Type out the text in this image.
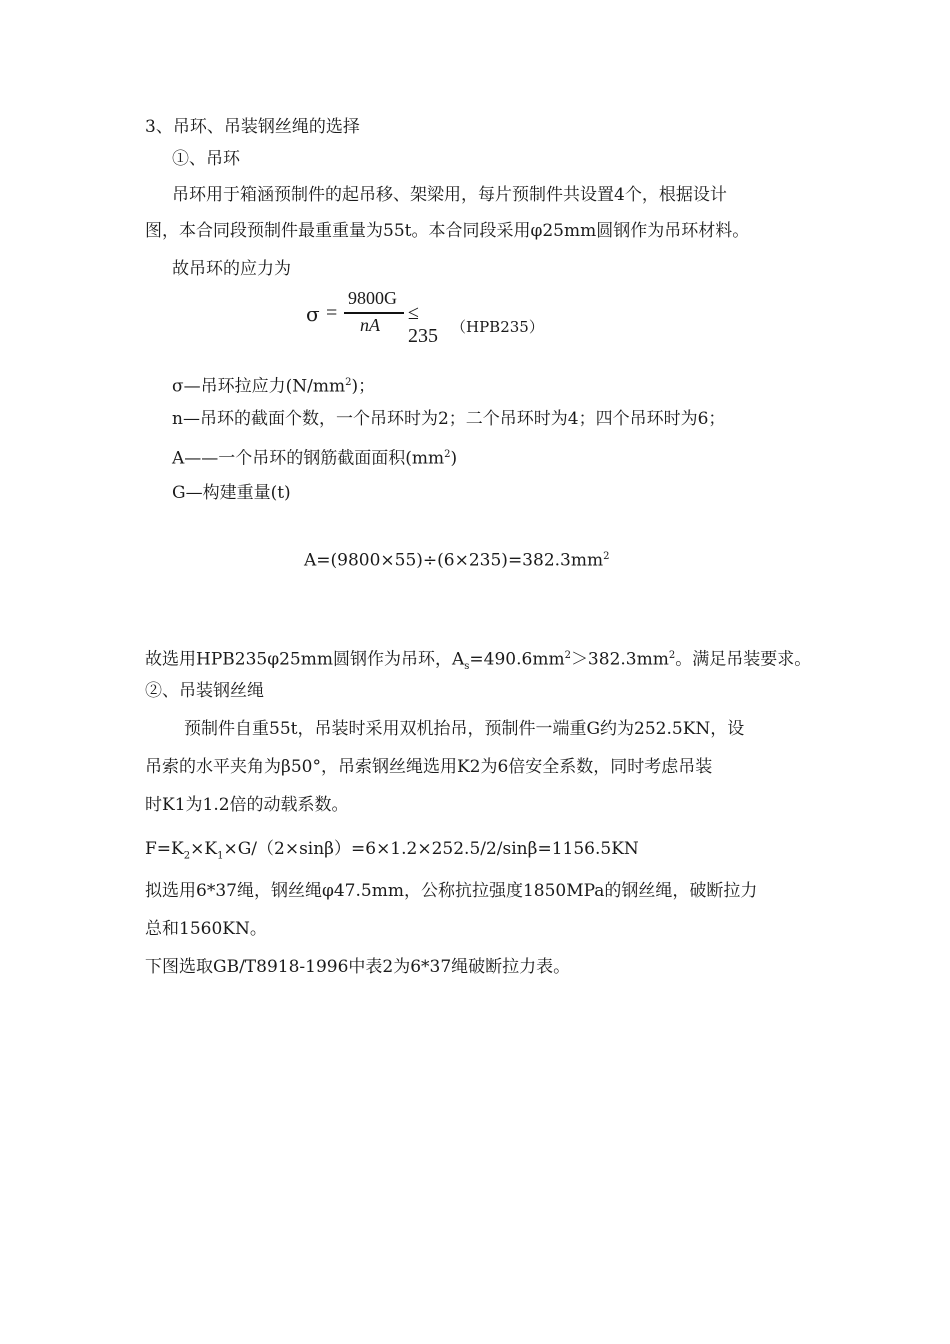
3、吊环、吊装钢丝绳的选择
①、吊环
吊环用于箱涵预制件的起吊移、架梁用，每片预制件共设置4个，根据设计
图，本合同段预制件最重重量为55t。本合同段采用φ25mm圆钢作为吊环材料。
故吊环的应力为
σ =
9800G
nA
≤ 235 （HPB235）
σ—吊环拉应力$(N/mm^2)$；
n—吊环的截面个数，一个吊环时为2；二个吊环时为4；四个吊环时为6；
A——一个吊环的钢筋截面面积$(mm^2)$
G—构建重量(t)
$A=(9800\times 55)\div(6\times 235)=382.3mm^2$
故选用HPB235φ25mm圆钢作为吊环，$A_s=490.6mm^2>382.3mm^2$。满足吊装要求。
②、吊装钢丝绳
预制件自重55t，吊装时采用双机抬吊，预制件一端重G约为252.5KN，设
吊索的水平夹角为β50°，吊索钢丝绳选用K2为6倍安全系数，同时考虑吊装
时K1为1.2倍的动载系数。
$F=K_2\times K_1\times G/(2\times\sin\beta)=6\times 1.2\times 252.5/2/\sin\beta=1156.5KN$
拟选用6*37绳，钢丝绳φ47.5mm，公称抗拉强度1850MPa的钢丝绳，破断拉力
总和1560KN。
下图选取GB/T8918-1996中表2为6*37绳破断拉力表。
